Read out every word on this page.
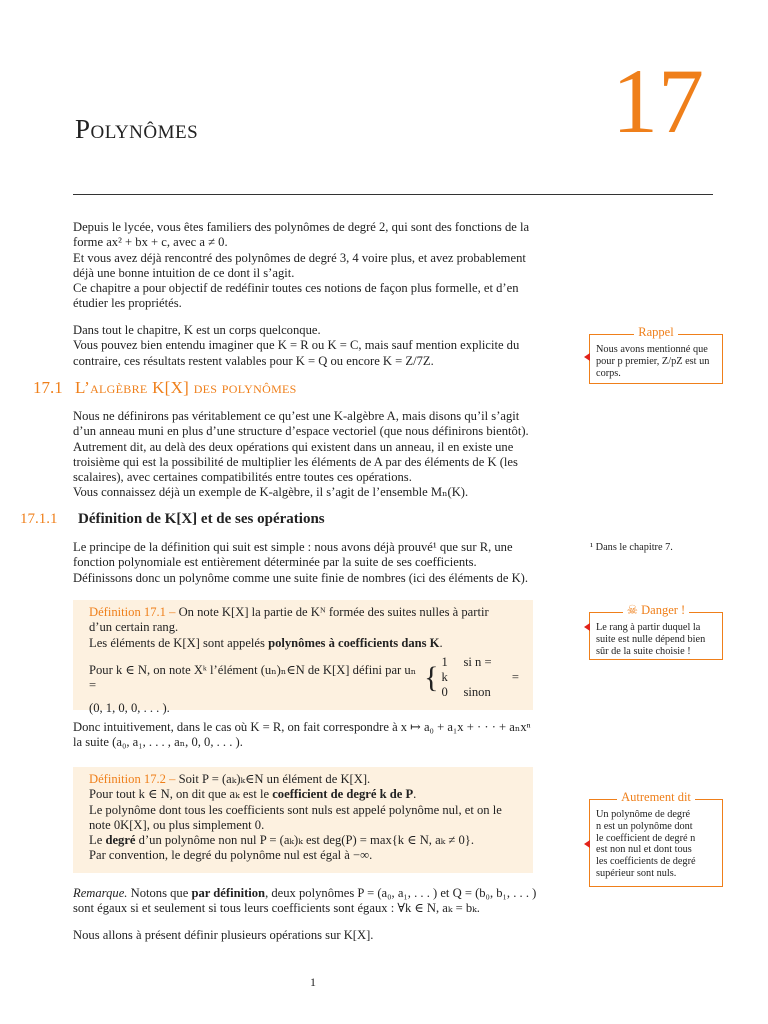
Polynômes	17

Depuis le lycée, vous êtes familiers des polynômes de degré 2, qui sont des fonctions de la

forme ax² + bx + c, avec a ≠ 0.

Et vous avez déjà rencontré des polynômes de degré 3, 4 voire plus, et avez probablement

déjà une bonne intuition de ce dont il s’agit.

Ce chapitre a pour objectif de redéfinir toutes ces notions de façon plus formelle, et d’en

étudier les propriétés.

Dans tout le chapitre, K est un corps quelconque.

Vous pouvez bien entendu imaginer que K = R ou K = C, mais sauf mention explicite du

contraire, ces résultats restent valables pour K = Q ou encore K = Z/7Z.

17.1 L’algèbre K[X] des polynômes

Nous ne définirons pas véritablement ce qu’est une K-algèbre A, mais disons qu’il s’agit

d’un anneau muni en plus d’une structure d’espace vectoriel (que nous définirons bientôt).

Autrement dit, au delà des deux opérations qui existent dans un anneau, il en existe une

troisième qui est la possibilité de multiplier les éléments de A par des éléments de K (les

scalaires), avec certaines compatibilités entre toutes ces opérations.

Vous connaissez déjà un exemple de K-algèbre, il s’agit de l’ensemble Mₙ(K).

17.1.1 Définition de K[X] et de ses opérations

Le principe de la définition qui suit est simple : nous avons déjà prouvé¹ que sur R, une

fonction polynomiale est entièrement déterminée par la suite de ses coefficients.

Définissons donc un polynôme comme une suite finie de nombres (ici des éléments de K).

Définition 17.1 – On note K[X] la partie de Kᴺ formée des suites nulles à partir
d’un certain rang.
Les éléments de K[X] sont appelés polynômes à coefficients dans K.
Pour k ∈ N, on note Xᵏ l’élément (uₙ)ₙ∈N de K[X] défini par uₙ =	{ 1 si n = k
0 sinon
=
(0, 1, 0, 0, . . . ).

Donc intuitivement, dans le cas où K = R, on fait correspondre à x ↦ a₀ + a₁x + · · · + aₙxⁿ

la suite (a₀, a₁, . . . , aₙ, 0, 0, . . . ).

Définition 17.2 – Soit P = (aₖ)ₖ∈N un élément de K[X].
Pour tout k ∈ N, on dit que aₖ est le coefficient de degré k de P.
Le polynôme dont tous les coefficients sont nuls est appelé polynôme nul, et on le
note 0K[X], ou plus simplement 0.
Le degré d’un polynôme non nul P = (aₖ)ₖ est deg(P) = max{k ∈ N, aₖ ≠ 0}.
Par convention, le degré du polynôme nul est égal à −∞.

Remarque. Notons que par définition, deux polynômes P = (a₀, a₁, . . . ) et Q = (b₀, b₁, . . . )

sont égaux si et seulement si tous leurs coefficients sont égaux : ∀k ∈ N, aₖ = bₖ.

Nous allons à présent définir plusieurs opérations sur K[X].
Rappel
Nous avons mentionné que
pour p premier, Z/pZ est un
corps.
¹ Dans le chapitre 7.
☠ Danger !
Le rang à partir duquel la
suite est nulle dépend bien
sûr de la suite choisie !
Autrement dit
Un polynôme de degré
n est un polynôme dont
le coefficient de degré n
est non nul et dont tous
les coefficients de degré
supérieur sont nuls.
1
